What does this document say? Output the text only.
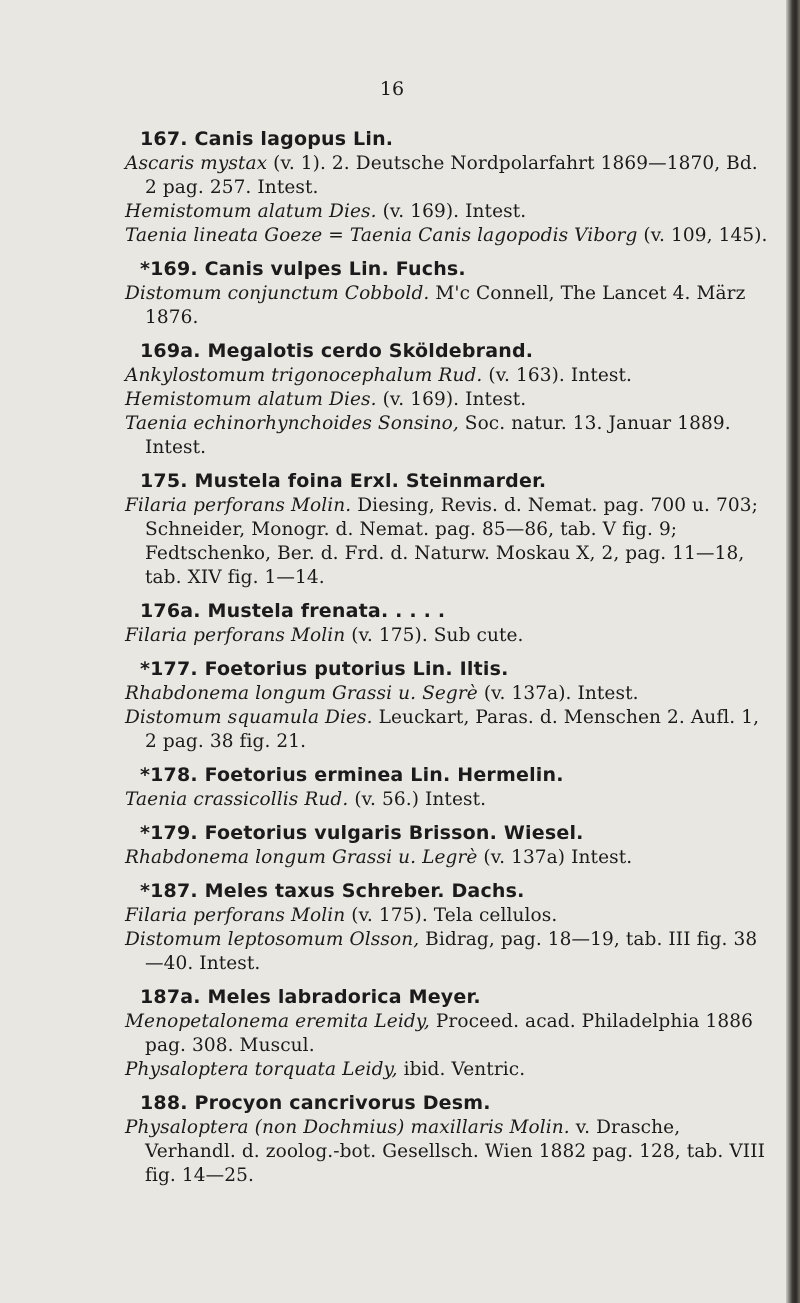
16
167. Canis lagopus Lin.
Ascaris mystax (v. 1). 2. Deutsche Nordpolarfahrt 1869—1870, Bd. 2 pag. 257. Intest.
Hemistomum alatum Dies. (v. 169). Intest.
Taenia lineata Goeze = Taenia Canis lagopodis Viborg (v. 109, 145).
*169. Canis vulpes Lin. Fuchs.
Distomum conjunctum Cobbold. M'c Connell, The Lancet 4. März 1876.
169a. Megalotis cerdo Sköldebrand.
Ankylostomum trigonocephalum Rud. (v. 163). Intest.
Hemistomum alatum Dies. (v. 169). Intest.
Taenia echinorhynchoides Sonsino, Soc. natur. 13. Januar 1889. Intest.
175. Mustela foina Erxl. Steinmarder.
Filaria perforans Molin. Diesing, Revis. d. Nemat. pag. 700 u. 703; Schneider, Monogr. d. Nemat. pag. 85—86, tab. V fig. 9; Fedtschenko, Ber. d. Frd. d. Naturw. Moskau X, 2, pag. 11—18, tab. XIV fig. 1—14.
176a. Mustela frenata. . . . .
Filaria perforans Molin (v. 175). Sub cute.
*177. Foetorius putorius Lin. Iltis.
Rhabdonema longum Grassi u. Segrè (v. 137a). Intest.
Distomum squamula Dies. Leuckart, Paras. d. Menschen 2. Aufl. 1, 2 pag. 38 fig. 21.
*178. Foetorius erminea Lin. Hermelin.
Taenia crassicollis Rud. (v. 56.) Intest.
*179. Foetorius vulgaris Brisson. Wiesel.
Rhabdonema longum Grassi u. Legrè (v. 137a) Intest.
*187. Meles taxus Schreber. Dachs.
Filaria perforans Molin (v. 175). Tela cellulos.
Distomum leptosomum Olsson, Bidrag, pag. 18—19, tab. III fig. 38—40. Intest.
187a. Meles labradorica Meyer.
Menopetalonema eremita Leidy, Proceed. acad. Philadelphia 1886 pag. 308. Muscul.
Physaloptera torquata Leidy, ibid. Ventric.
188. Procyon cancrivorus Desm.
Physaloptera (non Dochmius) maxillaris Molin. v. Drasche, Verhandl. d. zoolog.-bot. Gesellsch. Wien 1882 pag. 128, tab. VIII fig. 14—25.
